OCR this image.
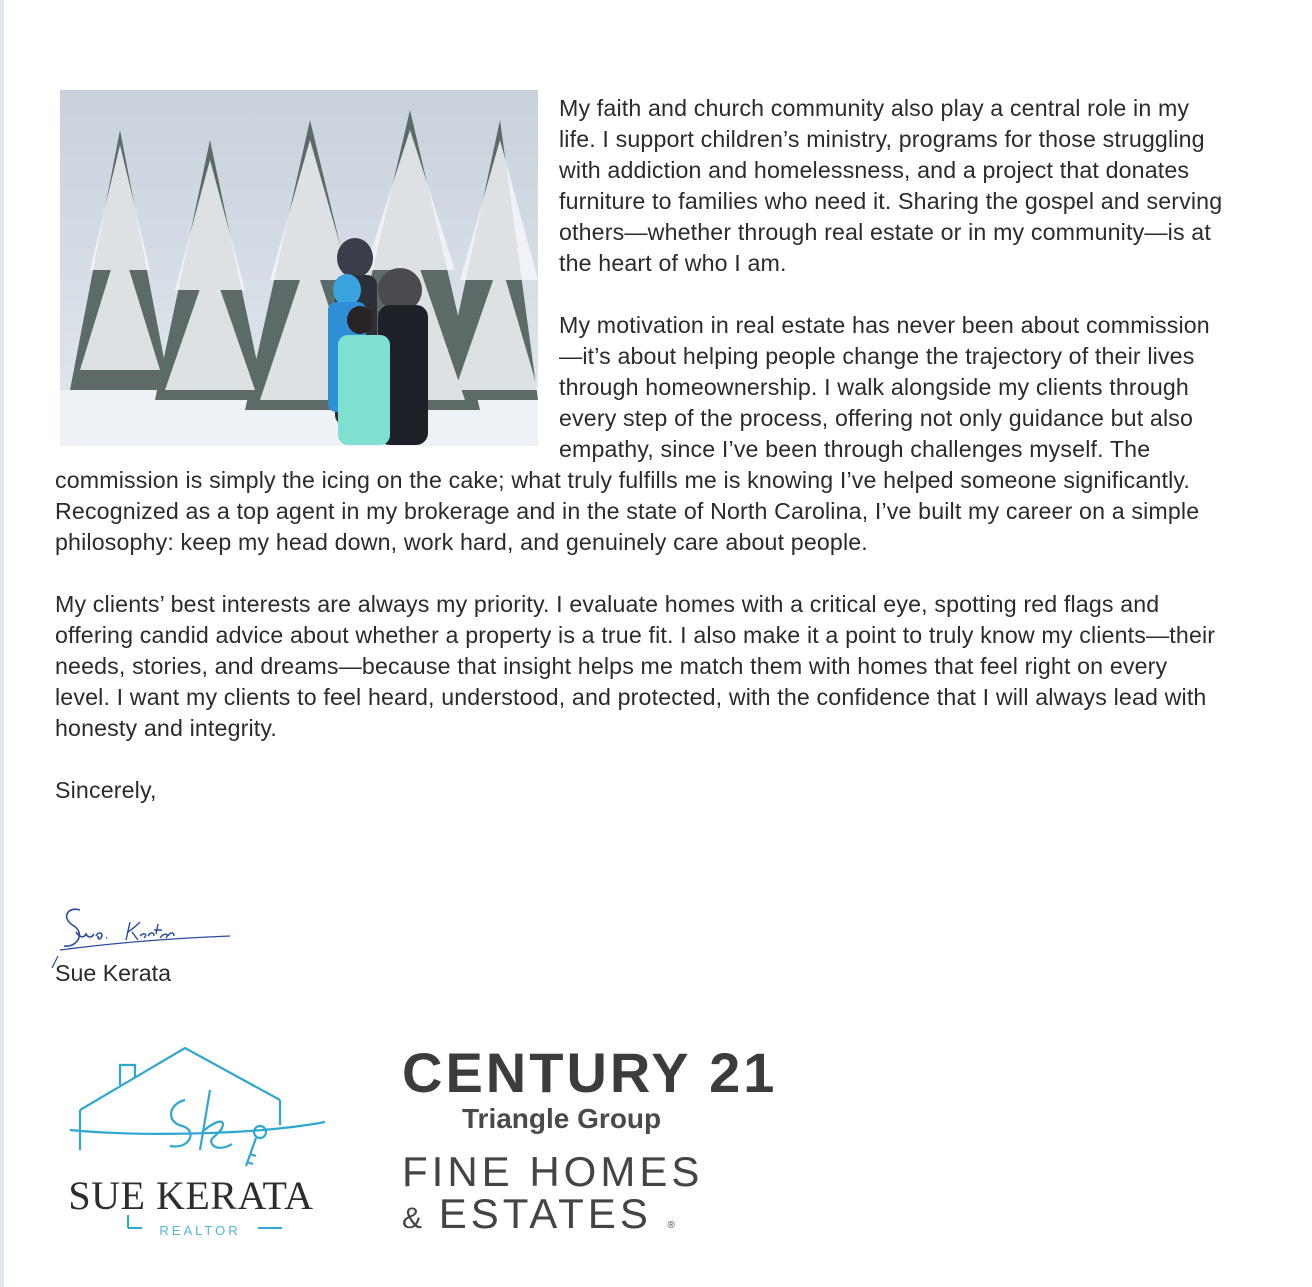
My faith and church community also play a central role in my life. I support children’s ministry, programs for those struggling with addiction and homelessness, and a project that donates furniture to families who need it. Sharing the gospel and serving others—whether through real estate or in my community—is at the heart of who I am.

My motivation in real estate has never been about commission—it’s about helping people change the trajectory of their lives through homeownership. I walk alongside my clients through every step of the process, offering not only guidance but also empathy, since I’ve been through challenges myself. The commission is simply the icing on the cake; what truly fulfills me is knowing I’ve helped someone significantly. Recognized as a top agent in my brokerage and in the state of North Carolina, I’ve built my career on a simple philosophy: keep my head down, work hard, and genuinely care about people.

My clients’ best interests are always my priority. I evaluate homes with a critical eye, spotting red flags and offering candid advice about whether a property is a true fit. I also make it a point to truly know my clients—their needs, stories, and dreams—because that insight helps me match them with homes that feel right on every level. I want my clients to feel heard, understood, and protected, with the confidence that I will always lead with honesty and integrity.

Sincerely,

Sue Kerata
SUE KERATA
REALTOR
CENTURY 21
Triangle Group
FINE HOMES
& ESTATES ®
